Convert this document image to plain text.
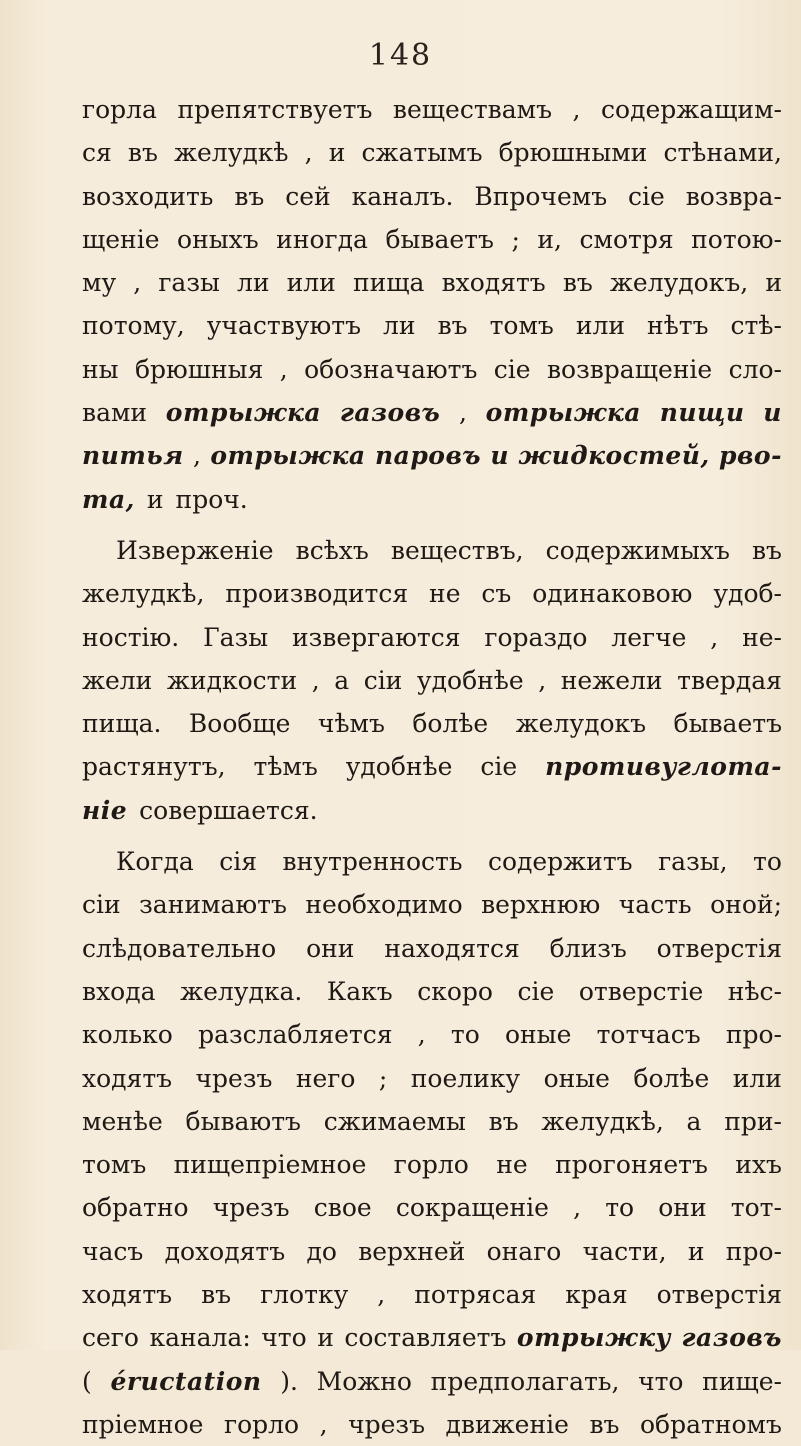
148
горла препятствуетъ веществамъ , содержащим-
ся въ желудкѣ , и сжатымъ брюшными стѣнами,
возходить въ сей каналъ. Впрочемъ сіе возвра-
щеніе оныхъ иногда бываетъ ; и, смотря потою-
му , газы ли или пища входятъ въ желудокъ, и
потому, участвуютъ ли въ томъ или нѣтъ стѣ-
ны брюшныя , обозначаютъ сіе возвращеніе сло-
вами отрыжка газовъ , отрыжка пищи и
питья , отрыжка паровъ и жидкостей, рво-
та, и проч.
Изверженіе всѣхъ веществъ, содержимыхъ въ
желудкѣ, производится не съ одинаковою удоб-
ностію. Газы извергаются гораздо легче , не-
жели жидкости , а сіи удобнѣе , нежели твердая
пища. Вообще чѣмъ болѣе желудокъ бываетъ
растянутъ, тѣмъ удобнѣе сіе противуглота-
ніе совершается.
Когда сія внутренность содержитъ газы, то
сіи занимаютъ необходимо верхнюю часть оной;
слѣдовательно они находятся близъ отверстія
входа желудка. Какъ скоро сіе отверстіе нѣс-
колько разслабляется , то оные тотчасъ про-
ходятъ чрезъ него ; поелику оные болѣе или
менѣе бываютъ сжимаемы въ желудкѣ, а при-
томъ пищепріемное горло не прогоняетъ ихъ
обратно чрезъ свое сокращеніе , то они тот-
часъ доходятъ до верхней онаго части, и про-
ходятъ въ глотку , потрясая края отверстія
сего канала: что и составляетъ отрыжку газовъ
( éructation ). Можно предполагать, что пище-
пріемное горло , чрезъ движеніе въ обратномъ
